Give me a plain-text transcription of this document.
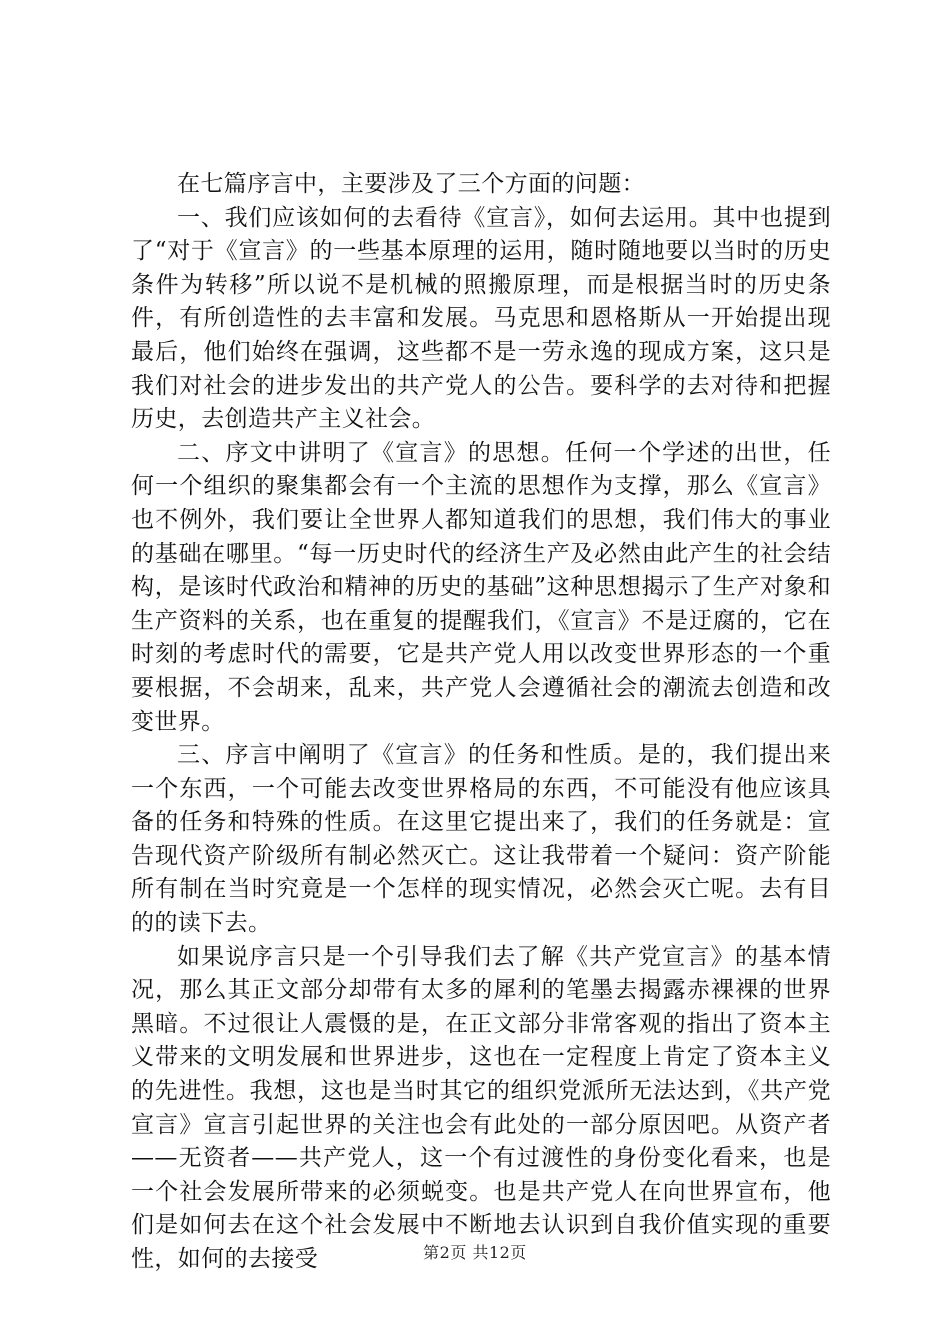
在七篇序言中，主要涉及了三个方面的问题：

一、我们应该如何的去看待《宣言》，如何去运用。其中也提到了“对于《宣言》的一些基本原理的运用，随时随地要以当时的历史条件为转移”所以说不是机械的照搬原理，而是根据当时的历史条件，有所创造性的去丰富和发展。马克思和恩格斯从一开始提出现最后，他们始终在强调，这些都不是一劳永逸的现成方案，这只是我们对社会的进步发出的共产党人的公告。要科学的去对待和把握历史，去创造共产主义社会。

二、序文中讲明了《宣言》的思想。任何一个学述的出世，任何一个组织的聚集都会有一个主流的思想作为支撑，那么《宣言》也不例外，我们要让全世界人都知道我们的思想，我们伟大的事业的基础在哪里。“每一历史时代的经济生产及必然由此产生的社会结构，是该时代政治和精神的历史的基础”这种思想揭示了生产对象和生产资料的关系，也在重复的提醒我们，《宣言》不是迂腐的，它在时刻的考虑时代的需要，它是共产党人用以改变世界形态的一个重要根据，不会胡来，乱来，共产党人会遵循社会的潮流去创造和改变世界。

三、序言中阐明了《宣言》的任务和性质。是的，我们提出来一个东西，一个可能去改变世界格局的东西，不可能没有他应该具备的任务和特殊的性质。在这里它提出来了，我们的任务就是：宣告现代资产阶级所有制必然灭亡。这让我带着一个疑问：资产阶能所有制在当时究竟是一个怎样的现实情况，必然会灭亡呢。去有目的的读下去。

如果说序言只是一个引导我们去了解《共产党宣言》的基本情况，那么其正文部分却带有太多的犀利的笔墨去揭露赤裸裸的世界黑暗。不过很让人震慑的是，在正文部分非常客观的指出了资本主义带来的文明发展和世界进步，这也在一定程度上肯定了资本主义的先进性。我想，这也是当时其它的组织党派所无法达到，《共产党宣言》宣言引起世界的关注也会有此处的一部分原因吧。从资产者——无资者——共产党人，这一个有过渡性的身份变化看来，也是一个社会发展所带来的必须蜕变。也是共产党人在向世界宣布，他们是如何去在这个社会发展中不断地去认识到自我价值实现的重要性，如何的去接受	第2页 共12页
